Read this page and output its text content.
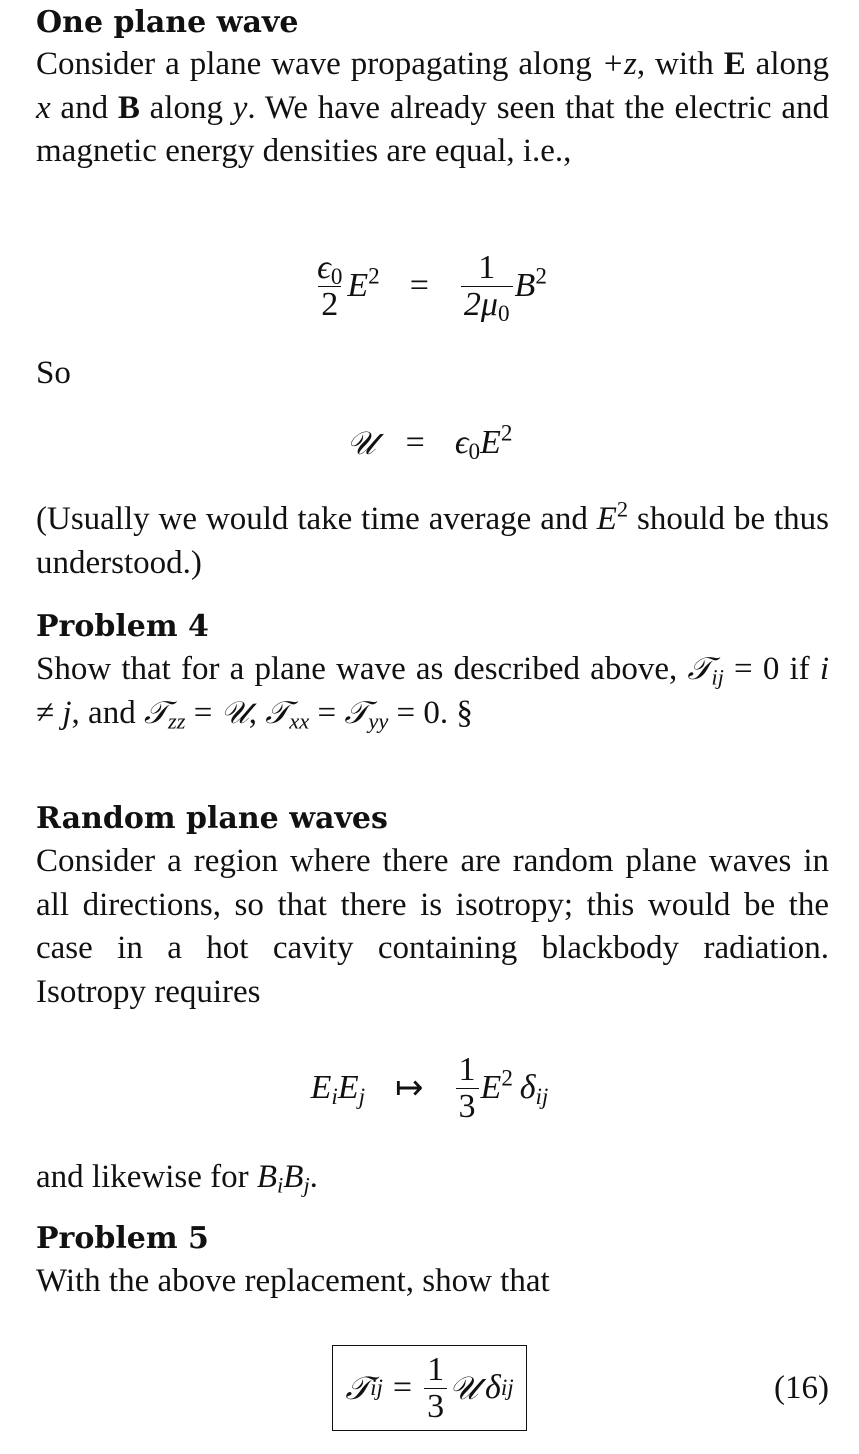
One plane wave

Consider a plane wave propagating along +z, with E along x and B along y. We have already seen that the electric and magnetic energy densities are equal, i.e.,

$\frac{\epsilon_0}{2} E^2 = \frac{1}{2\mu_0} B^2$

So

𝒰 = $\epsilon_0E^2$

(Usually we would take time average and $E^2$ should be thus understood.)

Problem 4

Show that for a plane wave as described above, 𝒯$_{ij}$ = 0 if i ≠ j, and 𝒯$_{zz}$ = 𝒰, 𝒯$_{xx}$ = 𝒯$_{yy}$ = 0. §

Random plane waves

Consider a region where there are random plane waves in all directions, so that there is isotropy; this would be the case in a hot cavity containing blackbody radiation. Isotropy requires

$E_iE_j$ ↦ $\frac{1}{3} E^2$  $\delta_{ij}$

and likewise for $B_iB_j$.

Problem 5

With the above replacement, show that

𝒯 ij = $\frac{1}{3}$ 𝒰
  δ ij	(16)
